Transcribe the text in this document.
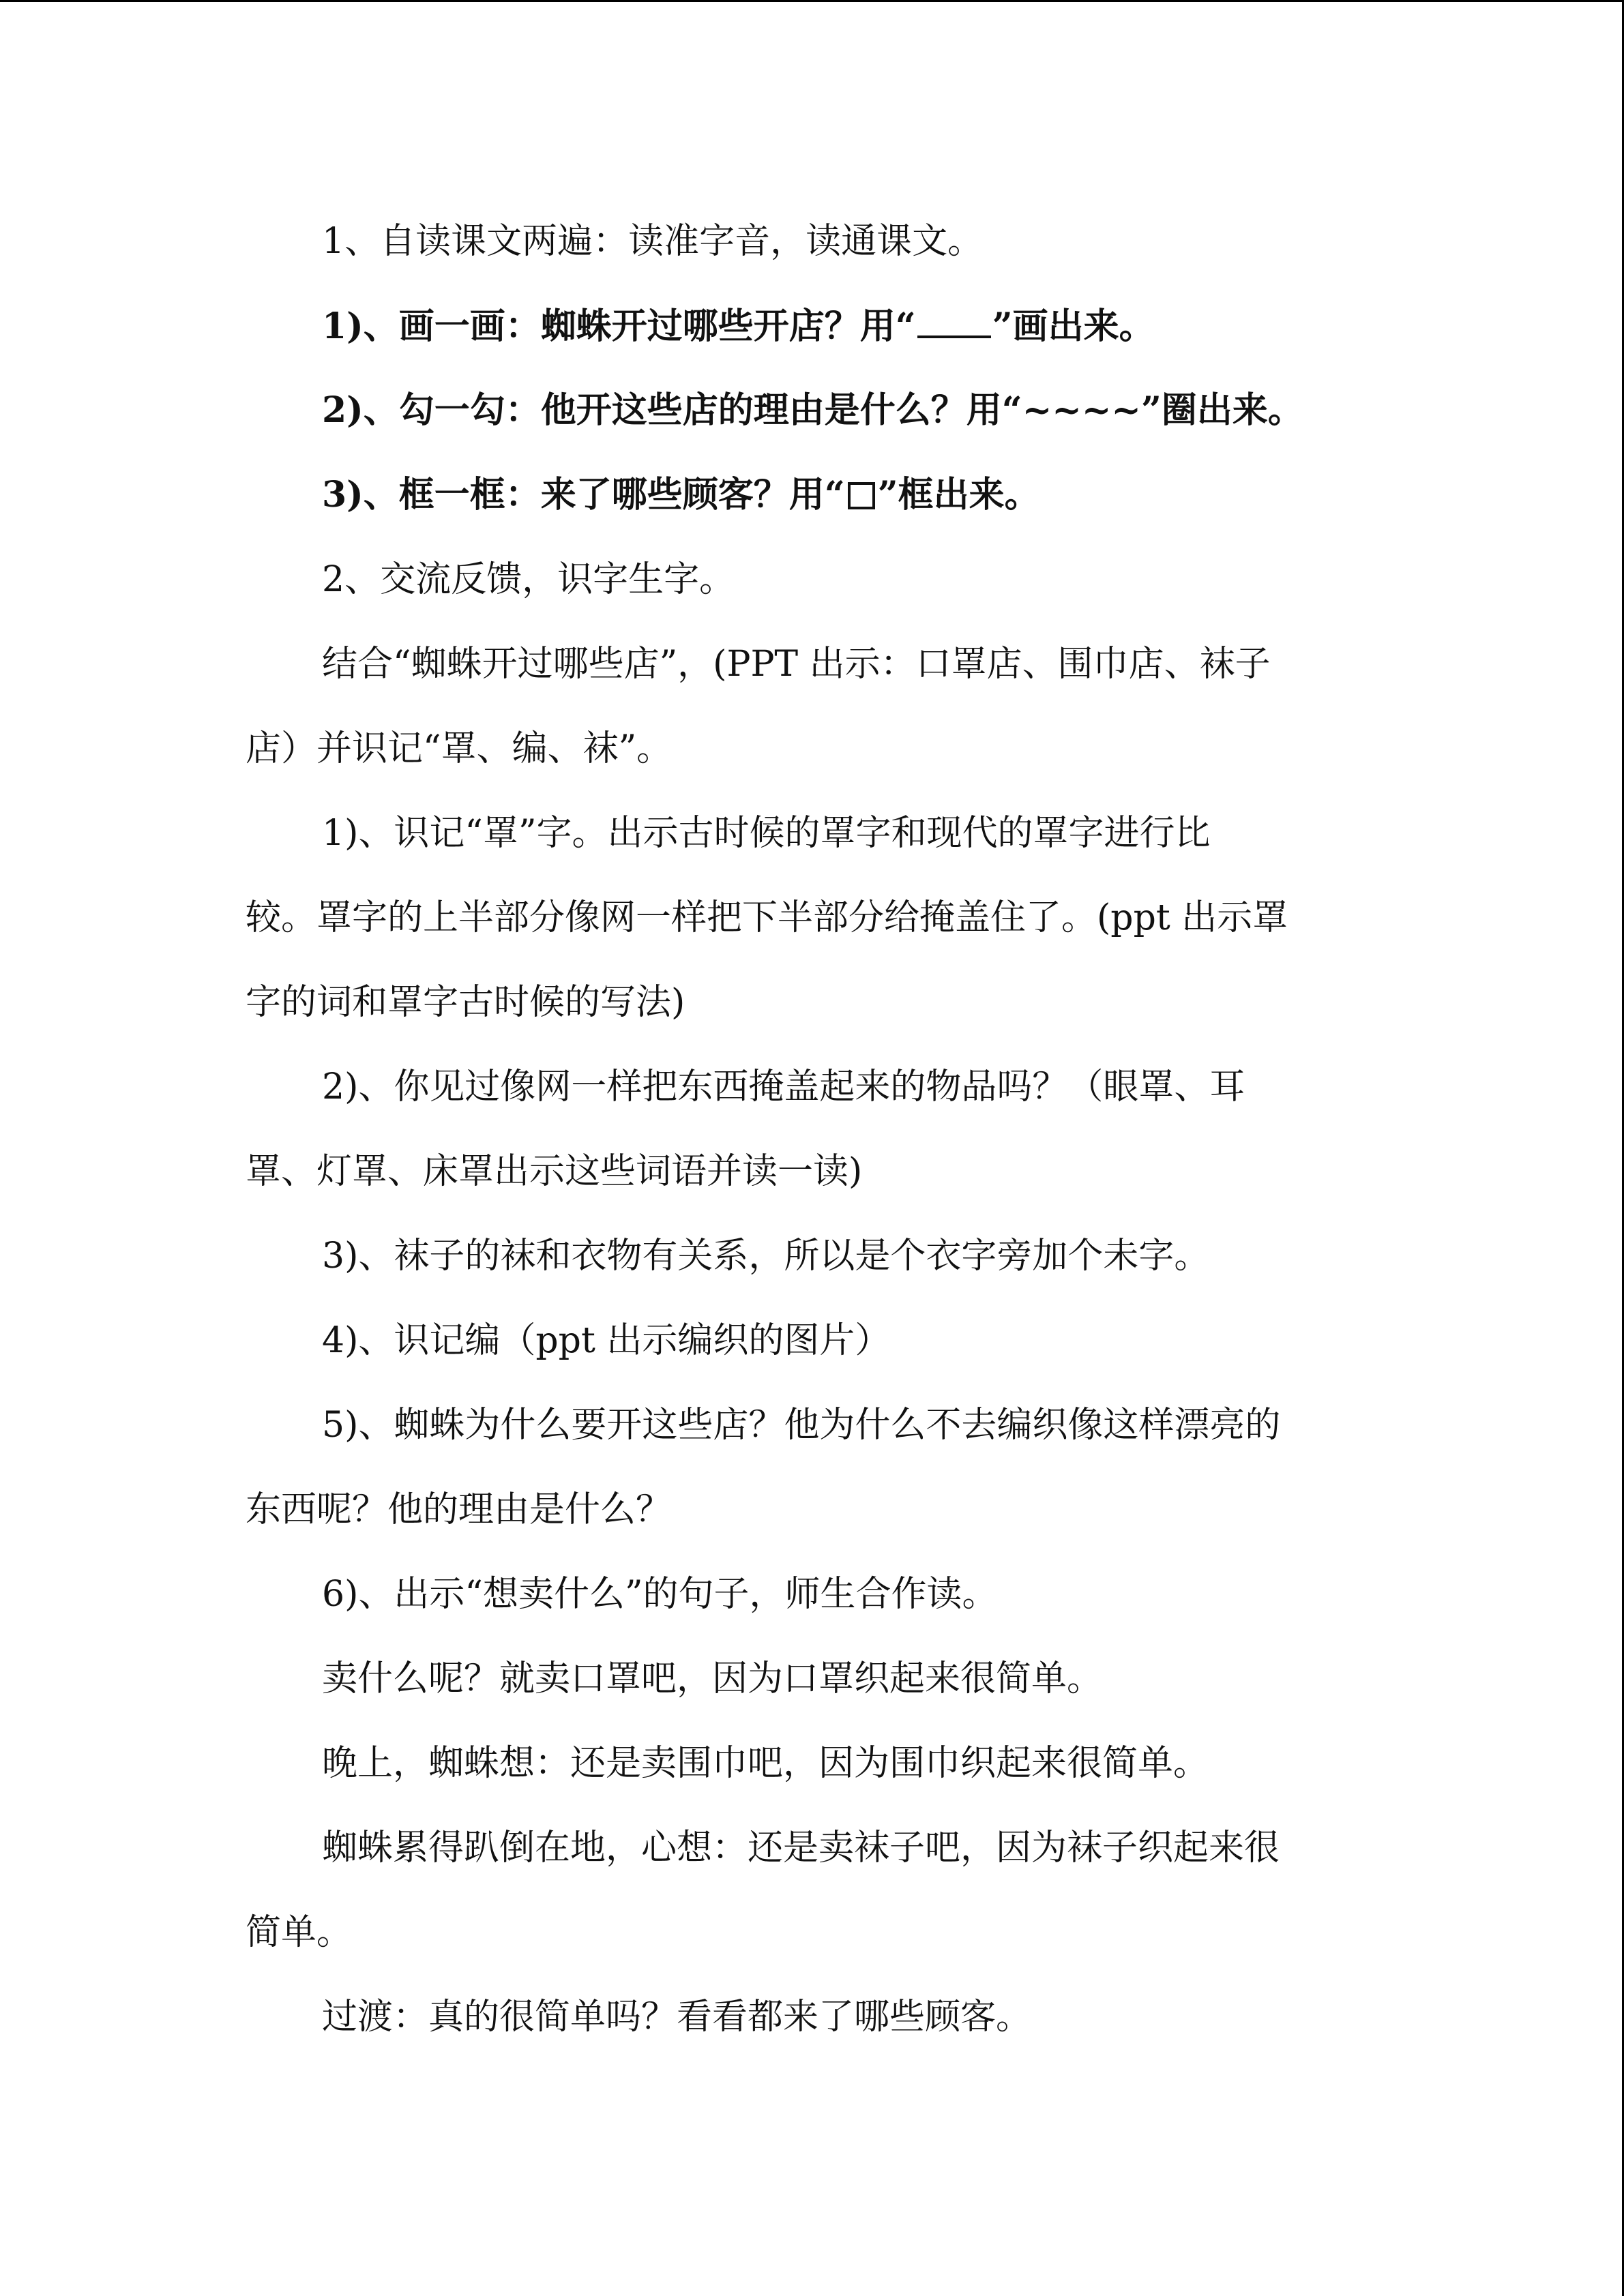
1、自读课文两遍：读准字音，读通课文。
1)、画一画：蜘蛛开过哪些开店？用“ ”画出来。
2)、勾一勾：他开这些店的理由是什么？用“~~~~”圈出来。
3)、框一框：来了哪些顾客？用“ ”框出来。
2、交流反馈，识字生字。
结合“蜘蛛开过哪些店”，(PPT 出示：口罩店、围巾店、袜子
店）并识记“罩、编、袜”。
1)、识记“罩”字。出示古时候的罩字和现代的罩字进行比
较。罩字的上半部分像网一样把下半部分给掩盖住了。(ppt 出示罩
字的词和罩字古时候的写法)
2)、你见过像网一样把东西掩盖起来的物品吗？（眼罩、耳
罩、灯罩、床罩出示这些词语并读一读)
3)、袜子的袜和衣物有关系，所以是个衣字旁加个未字。
4)、识记编（ppt 出示编织的图片）
5)、蜘蛛为什么要开这些店？他为什么不去编织像这样漂亮的
东西呢？他的理由是什么？
6)、出示“想卖什么”的句子，师生合作读。
卖什么呢？就卖口罩吧，因为口罩织起来很简单。
晚上，蜘蛛想：还是卖围巾吧，因为围巾织起来很简单。
蜘蛛累得趴倒在地，心想：还是卖袜子吧，因为袜子织起来很
简单。
过渡：真的很简单吗？看看都来了哪些顾客。
